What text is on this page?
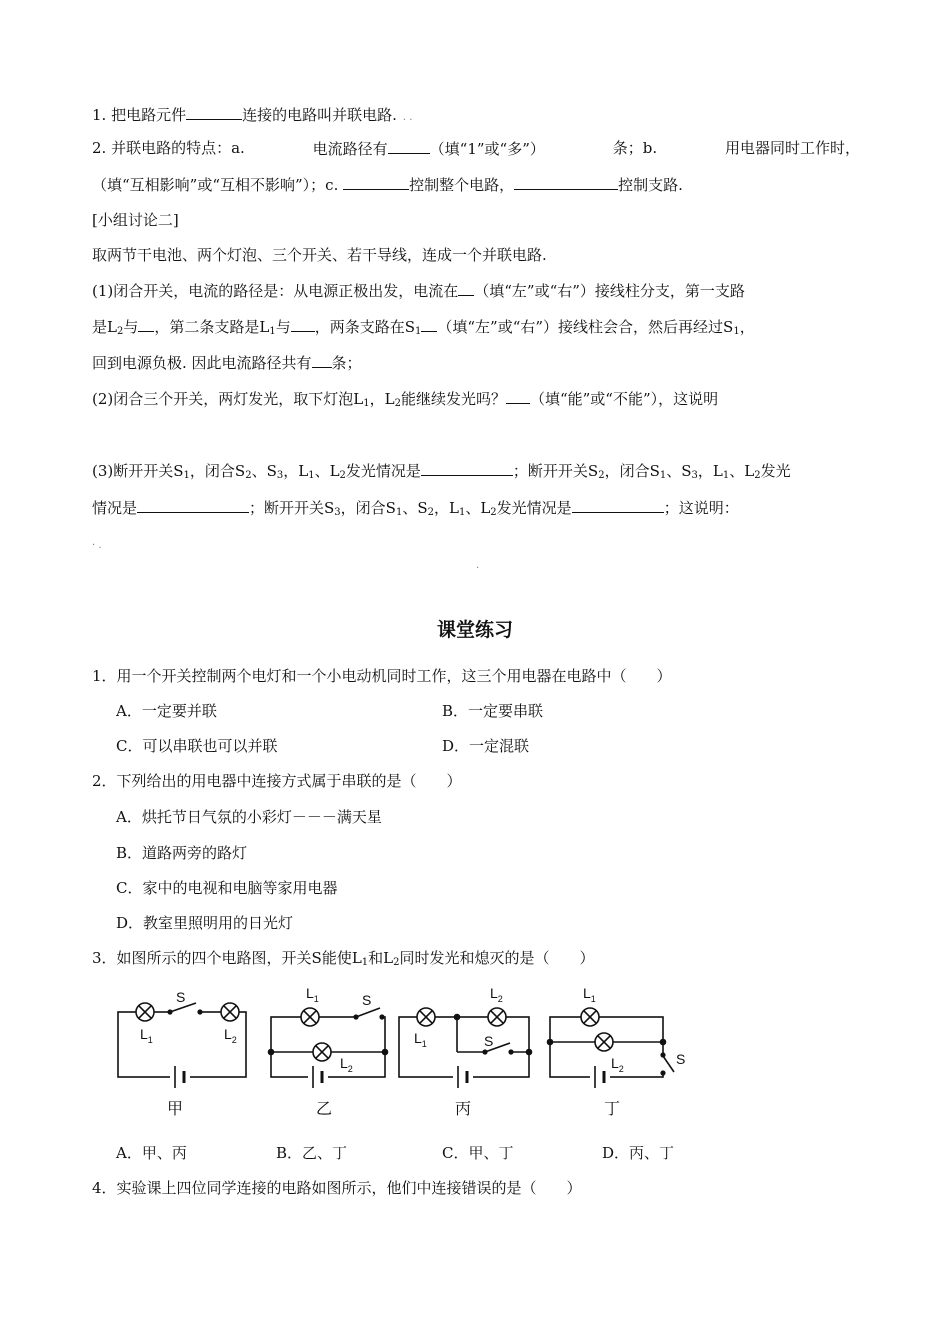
1. 把电路元件	连接的电路叫并联电路. . .
2. 并联电路的特点：a.	电流路径有	（填“1”或“多”）	条；b.	用电器同时工作时，
（填“互相影响”或“互相不影响”）；c.	控制整个电路，	控制支路.
[小组讨论二]
取两节干电池、两个灯泡、三个开关、若干导线，连成一个并联电路.
(1)闭合开关，电流的路径是：从电源正极出发，电流在 （填“左”或“右”）接线柱分支，第一支路
是$L_2$与 ，第二条支路是$L_1$与 ，两条支路在$S_1$ （填“左”或“右”）接线柱会合，然后再经过$S_1$，
回到电源负极. 因此电流路径共有 条；
(2)闭合三个开关，两灯发光，取下灯泡$L_1$，$L_2$能继续发光吗？ （填“能”或“不能”），这说明
(3)断开开关$S_1$，闭合$S_2$、$S_3$，$L_1$、$L_2$发光情况是	；断开开关$S_2$，闭合$S_1$、$S_3$，$L_1$、$L_2$发光
情况是	；断开开关$S_3$，闭合$S_1$、$S_2$，$L_1$、$L_2$发光情况是	；这说明：
· .
.
课堂练习
1．用一个开关控制两个电灯和一个小电动机同时工作，这三个用电器在电路中（　　）
A．一定要并联	B．一定要串联
C．可以串联也可以并联	D．一定混联
2．下列给出的用电器中连接方式属于串联的是（　　）
A．烘托节日气氛的小彩灯－－－满天星
B．道路两旁的路灯
C．家中的电视和电脑等家用电器
D．教室里照明用的日光灯
3．如图所示的四个电路图，开关S能使$L_1$和$L_2$同时发光和熄灭的是（　　）
S
$L_1$	$L_2$
$L_1$	S
$L_2$
$L_1$
$L_2$
S
$L_1$
$L_2$
S
甲	乙	丙	丁
A．甲、丙	B．乙、丁	C．甲、丁	D．丙、丁
4．实验课上四位同学连接的电路如图所示，他们中连接错误的是（　　）
